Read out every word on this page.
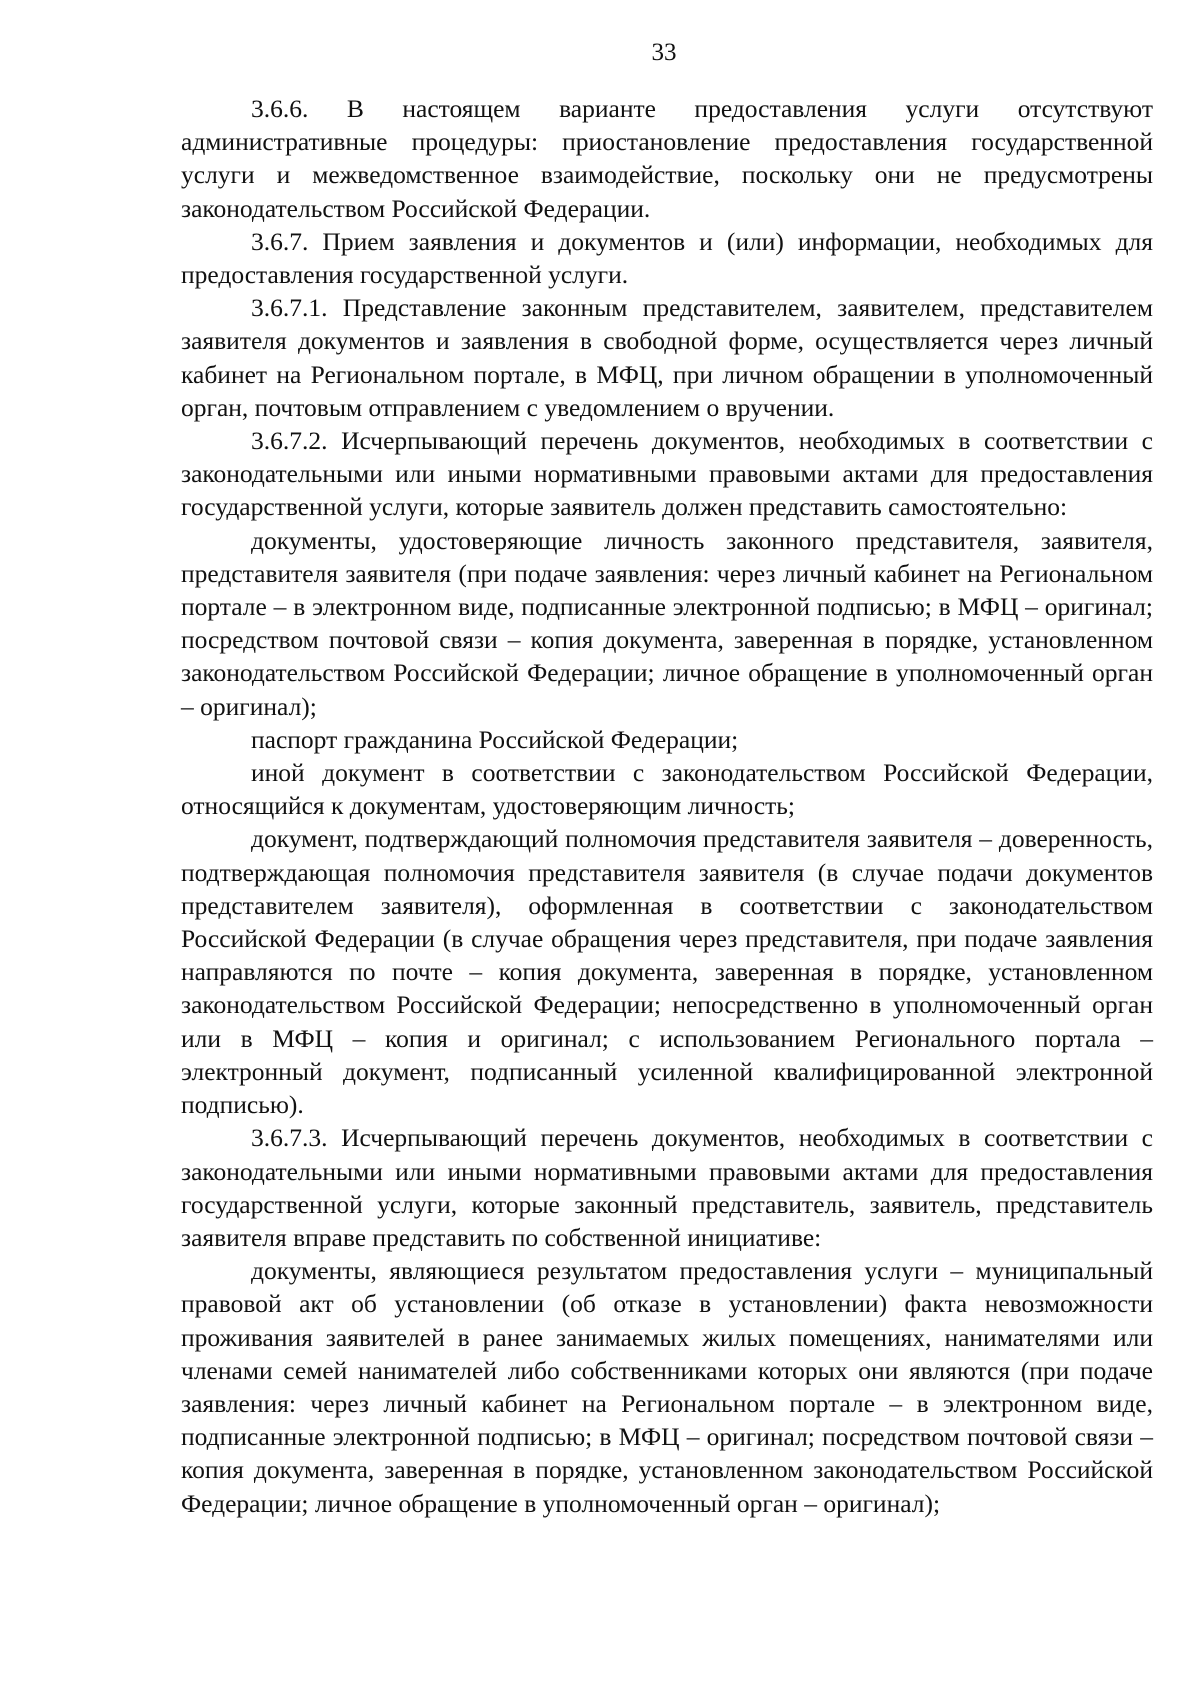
33

3.6.6. В настоящем варианте предоставления услуги отсутствуют административные процедуры: приостановление предоставления государственной услуги и межведомственное взаимодействие, поскольку они не предусмотрены законодательством Российской Федерации.

3.6.7. Прием заявления и документов и (или) информации, необходимых для предоставления государственной услуги.

3.6.7.1. Представление законным представителем, заявителем, представителем заявителя документов и заявления в свободной форме, осуществляется через личный кабинет на Региональном портале, в МФЦ, при личном обращении в уполномоченный орган, почтовым отправлением с уведомлением о вручении.

3.6.7.2. Исчерпывающий перечень документов, необходимых в соответствии с законодательными или иными нормативными правовыми актами для предоставления государственной услуги, которые заявитель должен представить самостоятельно:

документы, удостоверяющие личность законного представителя, заявителя, представителя заявителя (при подаче заявления: через личный кабинет на Региональном портале – в электронном виде, подписанные электронной подписью; в МФЦ – оригинал; посредством почтовой связи – копия документа, заверенная в порядке, установленном законодательством Российской Федерации; личное обращение в уполномоченный орган – оригинал);

паспорт гражданина Российской Федерации;

иной документ в соответствии с законодательством Российской Федерации, относящийся к документам, удостоверяющим личность;

документ, подтверждающий полномочия представителя заявителя – доверенность, подтверждающая полномочия представителя заявителя (в случае подачи документов представителем заявителя), оформленная в соответствии с законодательством Российской Федерации (в случае обращения через представителя, при подаче заявления направляются по почте – копия документа, заверенная в порядке, установленном законодательством Российской Федерации; непосредственно в уполномоченный орган или в МФЦ – копия и оригинал; с использованием Регионального портала – электронный документ, подписанный усиленной квалифицированной электронной подписью).

3.6.7.3. Исчерпывающий перечень документов, необходимых в соответствии с законодательными или иными нормативными правовыми актами для предоставления государственной услуги, которые законный представитель, заявитель, представитель заявителя вправе представить по собственной инициативе:

документы, являющиеся результатом предоставления услуги – муниципальный правовой акт об установлении (об отказе в установлении) факта невозможности проживания заявителей в ранее занимаемых жилых помещениях, нанимателями или членами семей нанимателей либо собственниками которых они являются (при подаче заявления: через личный кабинет на Региональном портале – в электронном виде, подписанные электронной подписью; в МФЦ – оригинал; посредством почтовой связи – копия документа, заверенная в порядке, установленном законодательством Российской Федерации; личное обращение в уполномоченный орган – оригинал);
